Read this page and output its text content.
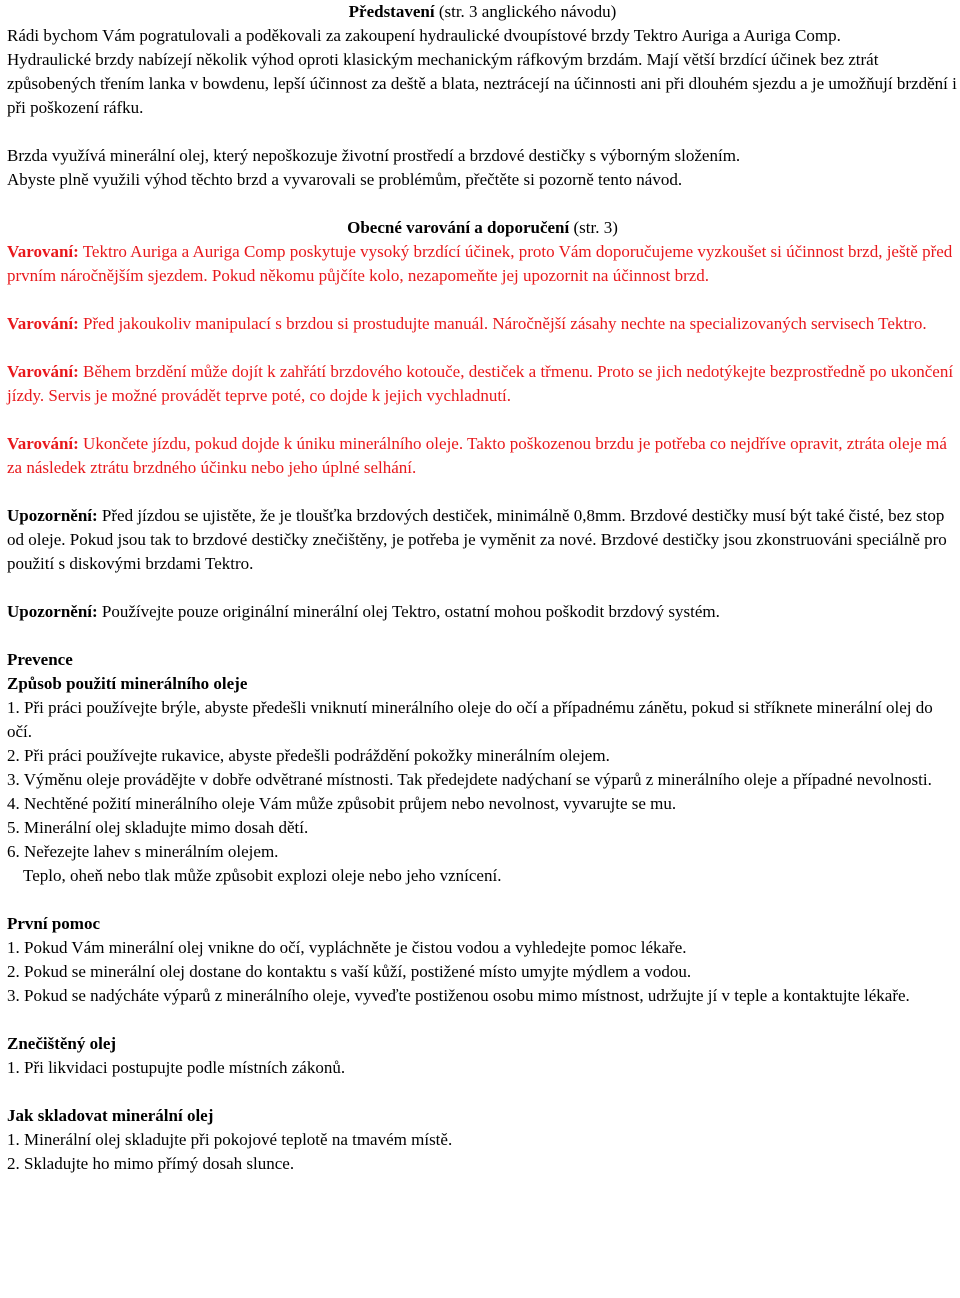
Představení (str. 3 anglického návodu)

Rádi bychom Vám pogratulovali a poděkovali za zakoupení hydraulické dvoupístové brzdy Tektro Auriga a Auriga Comp.

Hydraulické brzdy nabízejí několik výhod oproti klasickým mechanickým ráfkovým brzdám. Mají větší brzdící účinek bez ztrát způsobených třením lanka v bowdenu, lepší účinnost za deště a blata, neztrácejí na účinnosti ani při dlouhém sjezdu a je umožňují brzdění i při poškození ráfku.

Brzda využívá minerální olej, který nepoškozuje životní prostředí a brzdové destičky s výborným složením.

Abyste plně využili výhod těchto brzd a vyvarovali se problémům, přečtěte si pozorně tento návod.

Obecné varování a doporučení (str. 3)

Varovaní: Tektro Auriga a Auriga Comp poskytuje vysoký brzdící účinek, proto Vám doporučujeme vyzkoušet si účinnost brzd, ještě před prvním náročnějším sjezdem. Pokud někomu půjčíte kolo, nezapomeňte jej upozornit na účinnost brzd.

Varování: Před jakoukoliv manipulací s brzdou si prostudujte manuál. Náročnější zásahy nechte na specializovaných servisech Tektro.

Varování: Během brzdění může dojít k zahřátí brzdového kotouče, destiček a třmenu. Proto se jich nedotýkejte bezprostředně po ukončení jízdy. Servis je možné provádět teprve poté, co dojde k jejich vychladnutí.

Varování: Ukončete jízdu, pokud dojde k úniku minerálního oleje. Takto poškozenou brzdu je potřeba co nejdříve opravit, ztráta oleje má za následek ztrátu brzdného účinku nebo jeho úplné selhání.

Upozornění: Před jízdou se ujistěte, že je tloušťka brzdových destiček, minimálně 0,8mm. Brzdové destičky musí být také čisté, bez stop od oleje. Pokud jsou tak to brzdové destičky znečištěny, je potřeba je vyměnit za nové. Brzdové destičky jsou zkonstruováni speciálně pro použití s diskovými brzdami Tektro.

Upozornění: Používejte pouze originální minerální olej Tektro, ostatní mohou poškodit brzdový systém.

Prevence

Způsob použití minerálního oleje

1. Při práci používejte brýle, abyste předešli vniknutí minerálního oleje do očí a případnému zánětu, pokud si stříknete minerální olej do očí.

2. Při práci používejte rukavice, abyste předešli podráždění pokožky minerálním olejem.

3. Výměnu oleje provádějte v dobře odvětrané místnosti. Tak předejdete nadýchaní se výparů z minerálního oleje a případné nevolnosti.

4. Nechtěné požití minerálního oleje Vám může způsobit průjem nebo nevolnost, vyvarujte se mu.

5. Minerální olej skladujte mimo dosah dětí.

6. Neřezejte lahev s minerálním olejem.

Teplo, oheň nebo tlak může způsobit explozi oleje nebo jeho vznícení.

První pomoc

1. Pokud Vám minerální olej vnikne do očí, vypláchněte je čistou vodou a vyhledejte pomoc lékaře.

2. Pokud se minerální olej dostane do kontaktu s vaší kůží, postižené místo umyjte mýdlem a vodou.

3. Pokud se nadýcháte výparů z minerálního oleje, vyveďte postiženou osobu mimo místnost, udržujte jí v teple a kontaktujte lékaře.

Znečištěný olej

1. Při likvidaci postupujte podle místních zákonů.

Jak skladovat minerální olej

1. Minerální olej skladujte při pokojové teplotě na tmavém místě.

2. Skladujte ho mimo přímý dosah slunce.
